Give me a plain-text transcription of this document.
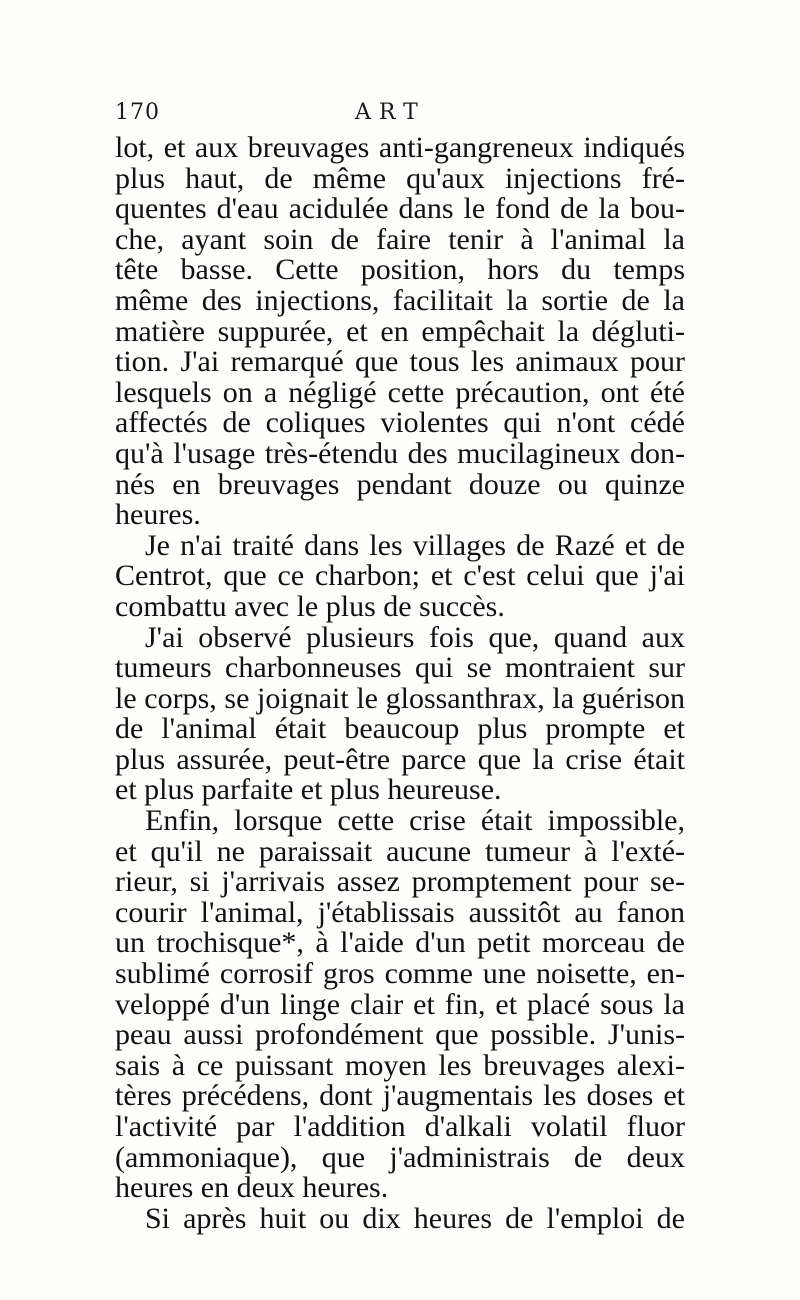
170	ART
lot, et aux breuvages anti-gangreneux indiqués
plus haut, de même qu'aux injections fré-
quentes d'eau acidulée dans le fond de la bou-
che, ayant soin de faire tenir à l'animal la
tête basse. Cette position, hors du temps
même des injections, facilitait la sortie de la
matière suppurée, et en empêchait la dégluti-
tion. J'ai remarqué que tous les animaux pour
lesquels on a négligé cette précaution, ont été
affectés de coliques violentes qui n'ont cédé
qu'à l'usage très-étendu des mucilagineux don-
nés en breuvages pendant douze ou quinze
heures.
Je n'ai traité dans les villages de Razé et de
Centrot, que ce charbon; et c'est celui que j'ai
combattu avec le plus de succès.
J'ai observé plusieurs fois que, quand aux
tumeurs charbonneuses qui se montraient sur
le corps, se joignait le glossanthrax, la guérison
de l'animal était beaucoup plus prompte et
plus assurée, peut-être parce que la crise était
et plus parfaite et plus heureuse.
Enfin, lorsque cette crise était impossible,
et qu'il ne paraissait aucune tumeur à l'exté-
rieur, si j'arrivais assez promptement pour se-
courir l'animal, j'établissais aussitôt au fanon
un trochisque*, à l'aide d'un petit morceau de
sublimé corrosif gros comme une noisette, en-
veloppé d'un linge clair et fin, et placé sous la
peau aussi profondément que possible. J'unis-
sais à ce puissant moyen les breuvages alexi-
tères précédens, dont j'augmentais les doses et
l'activité par l'addition d'alkali volatil fluor
(ammoniaque), que j'administrais de deux
heures en deux heures.
Si après huit ou dix heures de l'emploi de
